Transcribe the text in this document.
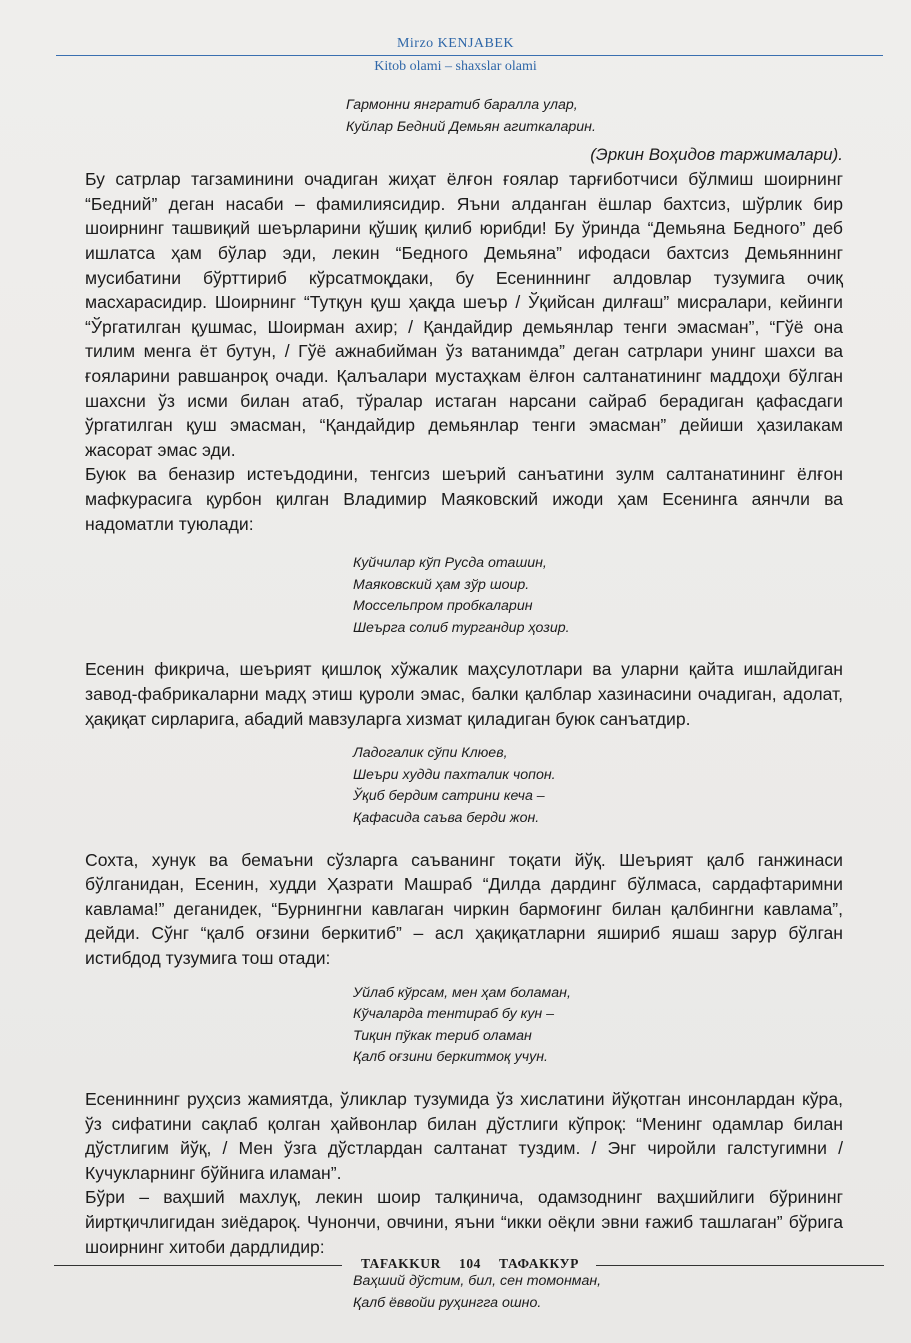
Mirzo KENJABEK
Kitob olami – shaxslar olami
Гармонни янгратиб баралла улар,
Куйлар Бедний Демьян агиткаларин.

(Эркин Воҳидов таржималари).

Бу сатрлар тагзаминини очадиган жиҳат ёлғон ғоялар тарғиботчиси бўлмиш шоирнинг “Бедний” деган насаби – фамилиясидир. Яъни алданган ёшлар бахтсиз, шўрлик бир шоирнинг ташвиқий шеърларини қўшиқ қилиб юрибди! Бу ўринда “Демьяна Бедного” деб ишлатса ҳам бўлар эди, лекин “Бедного Демьяна” ифодаси бахтсиз Демьяннинг мусибатини бўрттириб кўрсатмоқдаки, бу Есениннинг алдовлар тузумига очиқ масхарасидир. Шоирнинг “Тутқун қуш ҳақда шеър / Ўқийсан дилғаш” мисралари, кейинги “Ўргатилган қушмас, Шоирман ахир; / Қандайдир демьянлар тенги эмасман”, “Гўё она тилим менга ёт бутун, / Гўё ажнабийман ўз ватанимда” деган сатрлари унинг шахси ва ғояларини равшанроқ очади. Қалъалари мустаҳкам ёлғон салтанатининг маддоҳи бўлган шахсни ўз исми билан атаб, тўралар истаган нарсани сайраб берадиган қафасдаги ўргатилган қуш эмасман, “Қандайдир демьянлар тенги эмасман” дейиши ҳазилакам жасорат эмас эди.

Буюк ва беназир истеъдодини, тенгсиз шеърий санъатини зулм салтанатининг ёлғон мафкурасига қурбон қилган Владимир Маяковский ижоди ҳам Есенинга аянчли ва надоматли туюлади:

Куйчилар кўп Русда оташин,
Маяковский ҳам зўр шоир.
Моссельпром пробкаларин
Шеърга солиб тургандир ҳозир.

Есенин фикрича, шеърият қишлоқ хўжалик маҳсулотлари ва уларни қайта ишлайдиган завод-фабрикаларни мадҳ этиш қуроли эмас, балки қалблар хазинасини очадиган, адолат, ҳақиқат сирларига, абадий мавзуларга хизмат қиладиган буюк санъатдир.

Ладогалик сўпи Клюев,
Шеъри худди пахталик чопон.
Ўқиб бердим сатрини кеча –
Қафасида саъва берди жон.

Сохта, хунук ва бемаъни сўзларга саъванинг тоқати йўқ. Шеърият қалб ганжинаси бўлганидан, Есенин, худди Ҳазрати Машраб “Дилда дардинг бўлмаса, сардафтаримни кавлама!” деганидек, “Бурнингни кавлаган чиркин бармоғинг билан қалбингни кавлама”, дейди. Сўнг “қалб оғзини беркитиб” – асл ҳақиқатларни яшириб яшаш зарур бўлган истибдод тузумига тош отади:

Уйлаб кўрсам, мен ҳам боламан,
Кўчаларда тентираб бу кун –
Тиқин пўкак териб оламан
Қалб оғзини беркитмоқ учун.

Есениннинг руҳсиз жамиятда, ўликлар тузумида ўз хислатини йўқотган инсонлардан кўра, ўз сифатини сақлаб қолган ҳайвонлар билан дўстлиги кўпроқ: “Менинг одамлар билан дўстлигим йўқ, / Мен ўзга дўстлардан салтанат туздим. / Энг чиройли галстугимни / Кучукларнинг бўйнига иламан”.

Бўри – ваҳший махлуқ, лекин шоир талқинича, одамзоднинг ваҳшийлиги бўрининг йиртқичлигидан зиёдароқ. Чунончи, овчини, яъни “икки оёқли эвни ғажиб ташлаган” бўрига шоирнинг хитоби дардлидир:

Ваҳший дўстим, бил, сен томонман,
Қалб ёввойи руҳингга ошно.
TAFAKKUR 104 ТАФАККУР
